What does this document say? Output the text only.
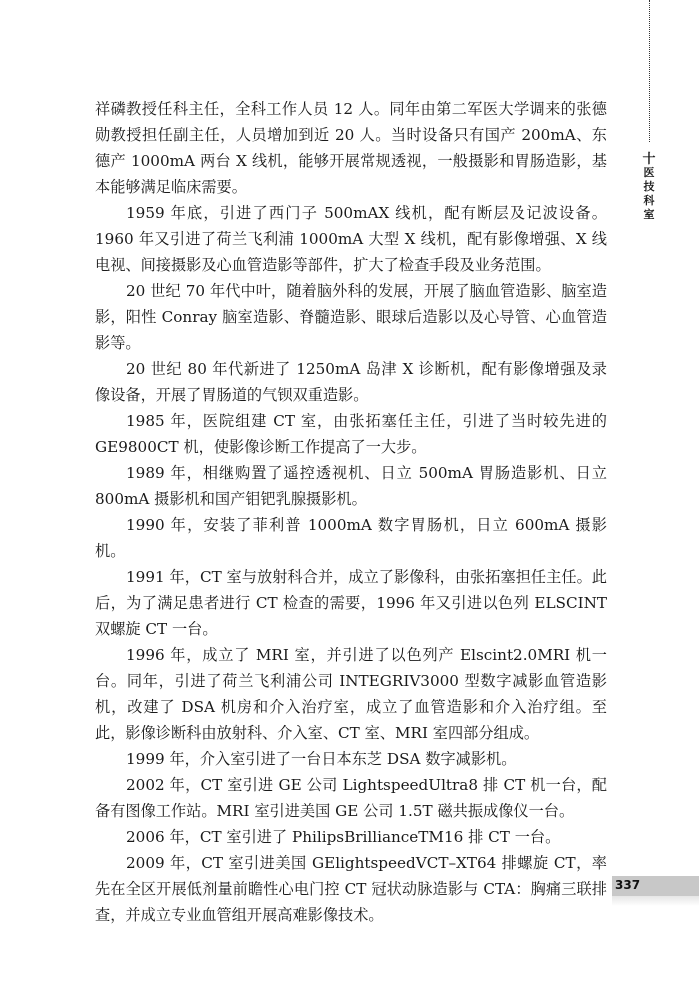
十
医
技
科
室

祥磷教授任科主任，全科工作人员 12 人。同年由第二军医大学调来的张德勋教授担任副主任，人员增加到近 20 人。当时设备只有国产 200mA、东德产 1000mA 两台 X 线机，能够开展常规透视，一般摄影和胃肠造影，基本能够满足临床需要。

1959 年底，引进了西门子 500mAX 线机，配有断层及记波设备。1960 年又引进了荷兰飞利浦 1000mA 大型 X 线机，配有影像增强、X 线电视、间接摄影及心血管造影等部件，扩大了检查手段及业务范围。

20 世纪 70 年代中叶，随着脑外科的发展，开展了脑血管造影、脑室造影，阳性 Conray 脑室造影、脊髓造影、眼球后造影以及心导管、心血管造影等。

20 世纪 80 年代新进了 1250mA 岛津 X 诊断机，配有影像增强及录像设备，开展了胃肠道的气钡双重造影。

1985 年，医院组建 CT 室，由张拓塞任主任，引进了当时较先进的 GE9800CT 机，使影像诊断工作提高了一大步。

1989 年，相继购置了遥控透视机、日立 500mA 胃肠造影机、日立 800mA 摄影机和国产钼钯乳腺摄影机。

1990 年，安装了菲利普 1000mA 数字胃肠机，日立 600mA 摄影机。

1991 年，CT 室与放射科合并，成立了影像科，由张拓塞担任主任。此后，为了满足患者进行 CT 检查的需要，1996 年又引进以色列 ELSCINT 双螺旋 CT 一台。

1996 年，成立了 MRI 室，并引进了以色列产 Elscint2.0MRI 机一台。同年，引进了荷兰飞利浦公司 INTEGRIV3000 型数字减影血管造影机，改建了 DSA 机房和介入治疗室，成立了血管造影和介入治疗组。至此，影像诊断科由放射科、介入室、CT 室、MRI 室四部分组成。

1999 年，介入室引进了一台日本东芝 DSA 数字减影机。

2002 年，CT 室引进 GE 公司 LightspeedUltra8 排 CT 机一台，配备有图像工作站。MRI 室引进美国 GE 公司 1.5T 磁共振成像仪一台。

2006 年，CT 室引进了 PhilipsBrillianceTM16 排 CT 一台。

2009 年，CT 室引进美国 GElightspeedVCT–XT64 排螺旋 CT，率先在全区开展低剂量前瞻性心电门控 CT 冠状动脉造影与 CTA：胸痛三联排查，并成立专业血管组开展高难影像技术。

337
